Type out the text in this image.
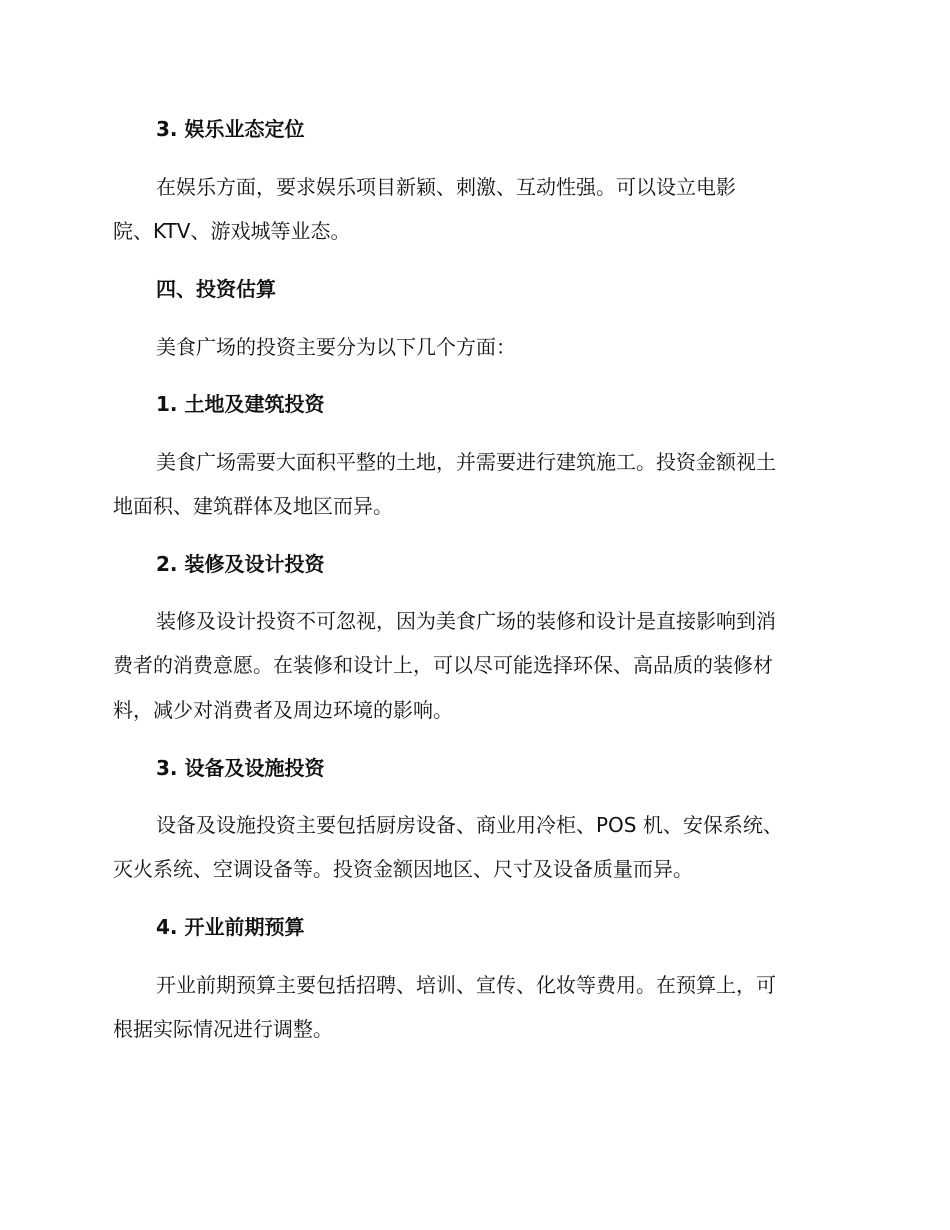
3. 娱乐业态定位
在娱乐方面，要求娱乐项目新颖、刺激、互动性强。可以设立电影
院、KTV、游戏城等业态。
四、投资估算
美食广场的投资主要分为以下几个方面：
1. 土地及建筑投资
美食广场需要大面积平整的土地，并需要进行建筑施工。投资金额视土
地面积、建筑群体及地区而异。
2. 装修及设计投资
装修及设计投资不可忽视，因为美食广场的装修和设计是直接影响到消
费者的消费意愿。在装修和设计上，可以尽可能选择环保、高品质的装修材
料，减少对消费者及周边环境的影响。
3. 设备及设施投资
设备及设施投资主要包括厨房设备、商业用冷柜、POS 机、安保系统、
灭火系统、空调设备等。投资金额因地区、尺寸及设备质量而异。
4. 开业前期预算
开业前期预算主要包括招聘、培训、宣传、化妆等费用。在预算上，可
根据实际情况进行调整。
